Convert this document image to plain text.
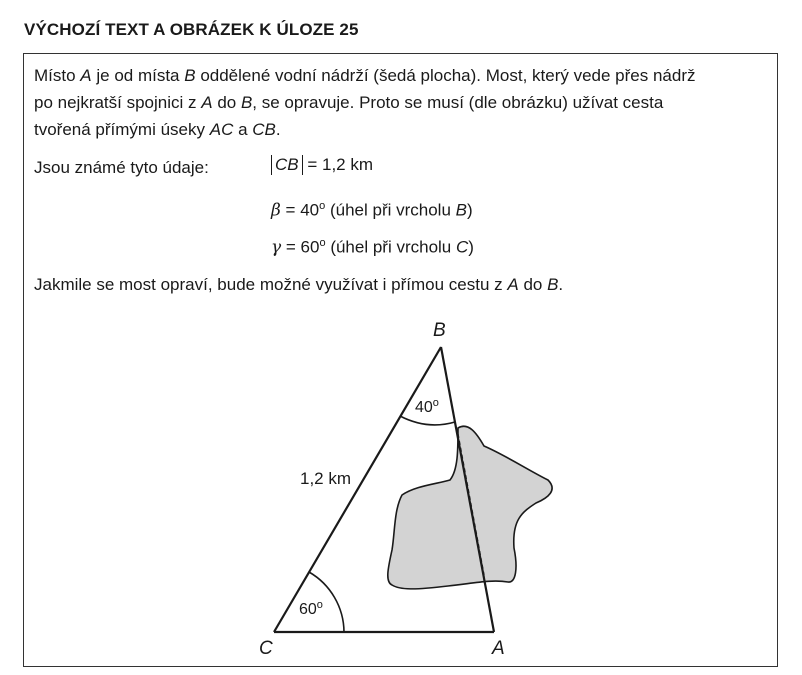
VÝCHOZÍ TEXT A OBRÁZEK K ÚLOZE 25
Místo A je od místa B oddělené vodní nádrží (šedá plocha). Most, který vede přes nádrž
po nejkratší spojnici z A do B, se opravuje. Proto se musí (dle obrázku) užívat cesta
tvořená přímými úseky AC a CB.
Jsou známé tyto údaje:	CB = 1,2 km
$\beta = 40^o$ (úhel při vrcholu B)
$\gamma = 60^o$ (úhel při vrcholu C)
Jakmile se most opraví, bude možné využívat i přímou cestu z A do B.
B
C	A
1,2 km
40$^o$
60$^o$
